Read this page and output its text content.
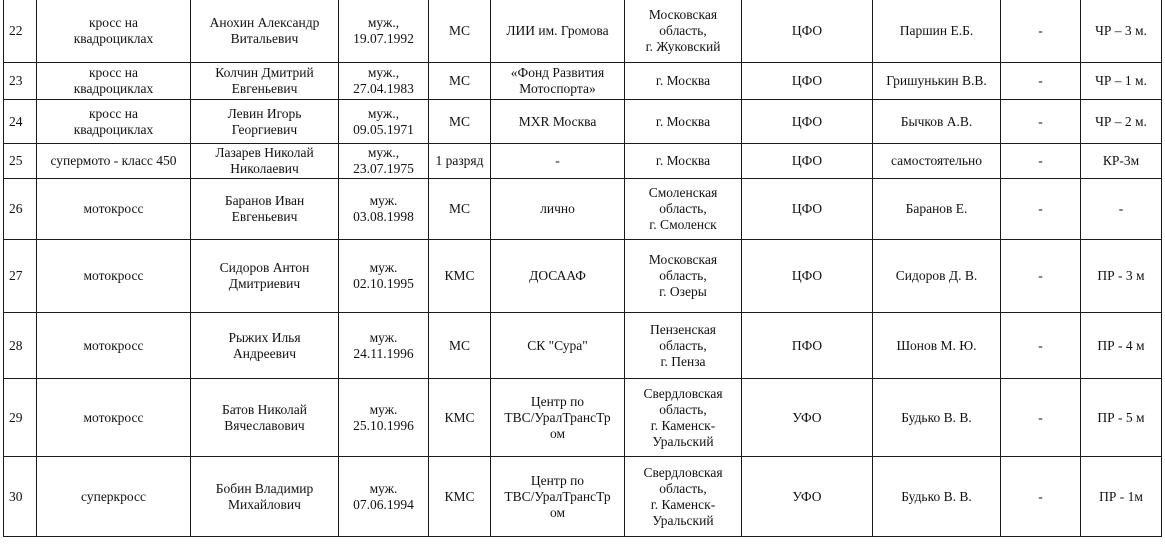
22	кросс на
квадроциклах	Анохин Александр
Витальевич	муж.,
19.07.1992	МС	ЛИИ им. Громова	Московская
область,
г. Жуковский	ЦФО	Паршин Е.Б.	-	ЧР – 3 м.
23	кросс на
квадроциклах	Колчин Дмитрий
Евгеньевич	муж.,
27.04.1983	МС	«Фонд Развития
Мотоспорта»	г. Москва	ЦФО	Гришунькин В.В.	-	ЧР – 1 м.
24	кросс на
квадроциклах	Левин Игорь
Георгиевич	муж.,
09.05.1971	МС	MXR Москва	г. Москва	ЦФО	Бычков А.В.	-	ЧР – 2 м.
25	супермото - класс 450	Лазарев Николай
Николаевич	муж.,
23.07.1975	1 разряд	-	г. Москва	ЦФО	самостоятельно	-	КР-3м
26	мотокросс	Баранов Иван
Евгеньевич	муж.
03.08.1998	МС	лично	Смоленская
область,
г. Смоленск	ЦФО	Баранов Е.	-	-
27	мотокросс	Сидоров Антон
Дмитриевич	муж.
02.10.1995	КМС	ДОСААФ	Московская
область,
г. Озеры	ЦФО	Сидоров Д. В.	-	ПР - 3 м
28	мотокросс	Рыжих Илья
Андреевич	муж.
24.11.1996	МС	СК "Сура"	Пензенская
область,
г. Пенза	ПФО	Шонов М. Ю.	-	ПР - 4 м
29	мотокросс	Батов Николай
Вячеславович	муж.
25.10.1996	КМС	Центр по
ТВС/УралТрансТр
ом	Свердловская
область,
г. Каменск-
Уральский	УФО	Будько В. В.	-	ПР - 5 м
30	суперкросс	Бобин Владимир
Михайлович	муж.
07.06.1994	КМС	Центр по
ТВС/УралТрансТр
ом	Свердловская
область,
г. Каменск-
Уральский	УФО	Будько В. В.	-	ПР - 1м
